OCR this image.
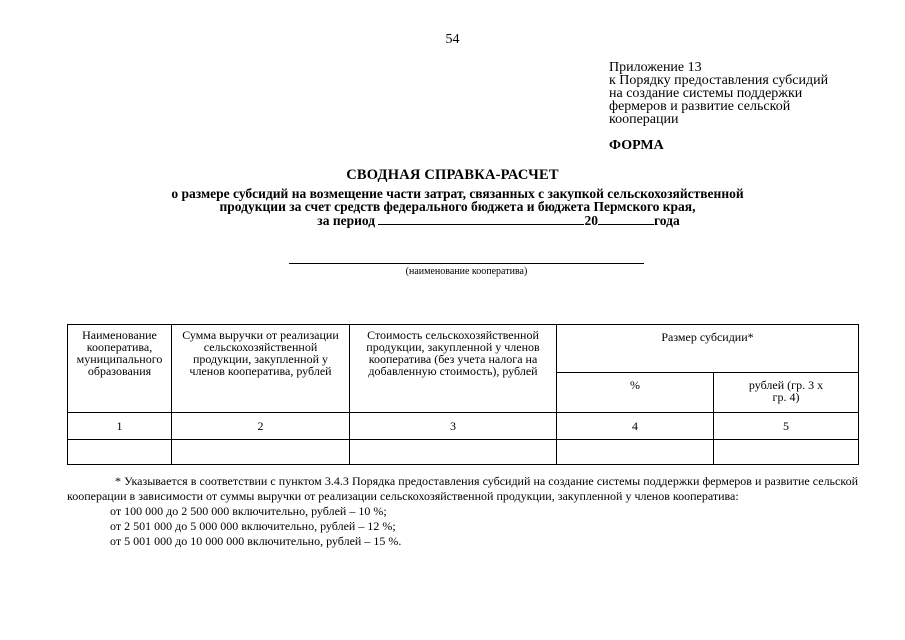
54
Приложение 13
к Порядку предоставления субсидий
на создание системы поддержки
фермеров и развитие сельской
кооперации
ФОРМА
СВОДНАЯ СПРАВКА-РАСЧЕТ
о размере субсидий на возмещение части затрат, связанных с закупкой сельскохозяйственной
продукции за счет средств федерального бюджета и бюджета Пермского края,
за период	20	года
(наименование кооператива)
Наименование кооператива, муниципального образования	Сумма выручки от реализации сельскохозяйственной продукции, закупленной у членов кооператива, рублей	Стоимость сельскохозяйственной продукции, закупленной у членов кооператива (без учета налога на добавленную стоимость), рублей	Размер субсидии*	
			%	рублей (гр. 3 х гр. 4)
1	2	3	4	5

* Указывается в соответствии с пунктом 3.4.3 Порядка предоставления субсидий на создание системы поддержки фермеров и развитие сельской кооперации в зависимости от суммы выручки от реализации сельскохозяйственной продукции, закупленной у членов кооператива:
от 100 000 до 2 500 000 включительно, рублей – 10 %;
от 2 501 000 до 5 000 000 включительно, рублей – 12 %;
от 5 001 000 до 10 000 000 включительно, рублей – 15 %.
